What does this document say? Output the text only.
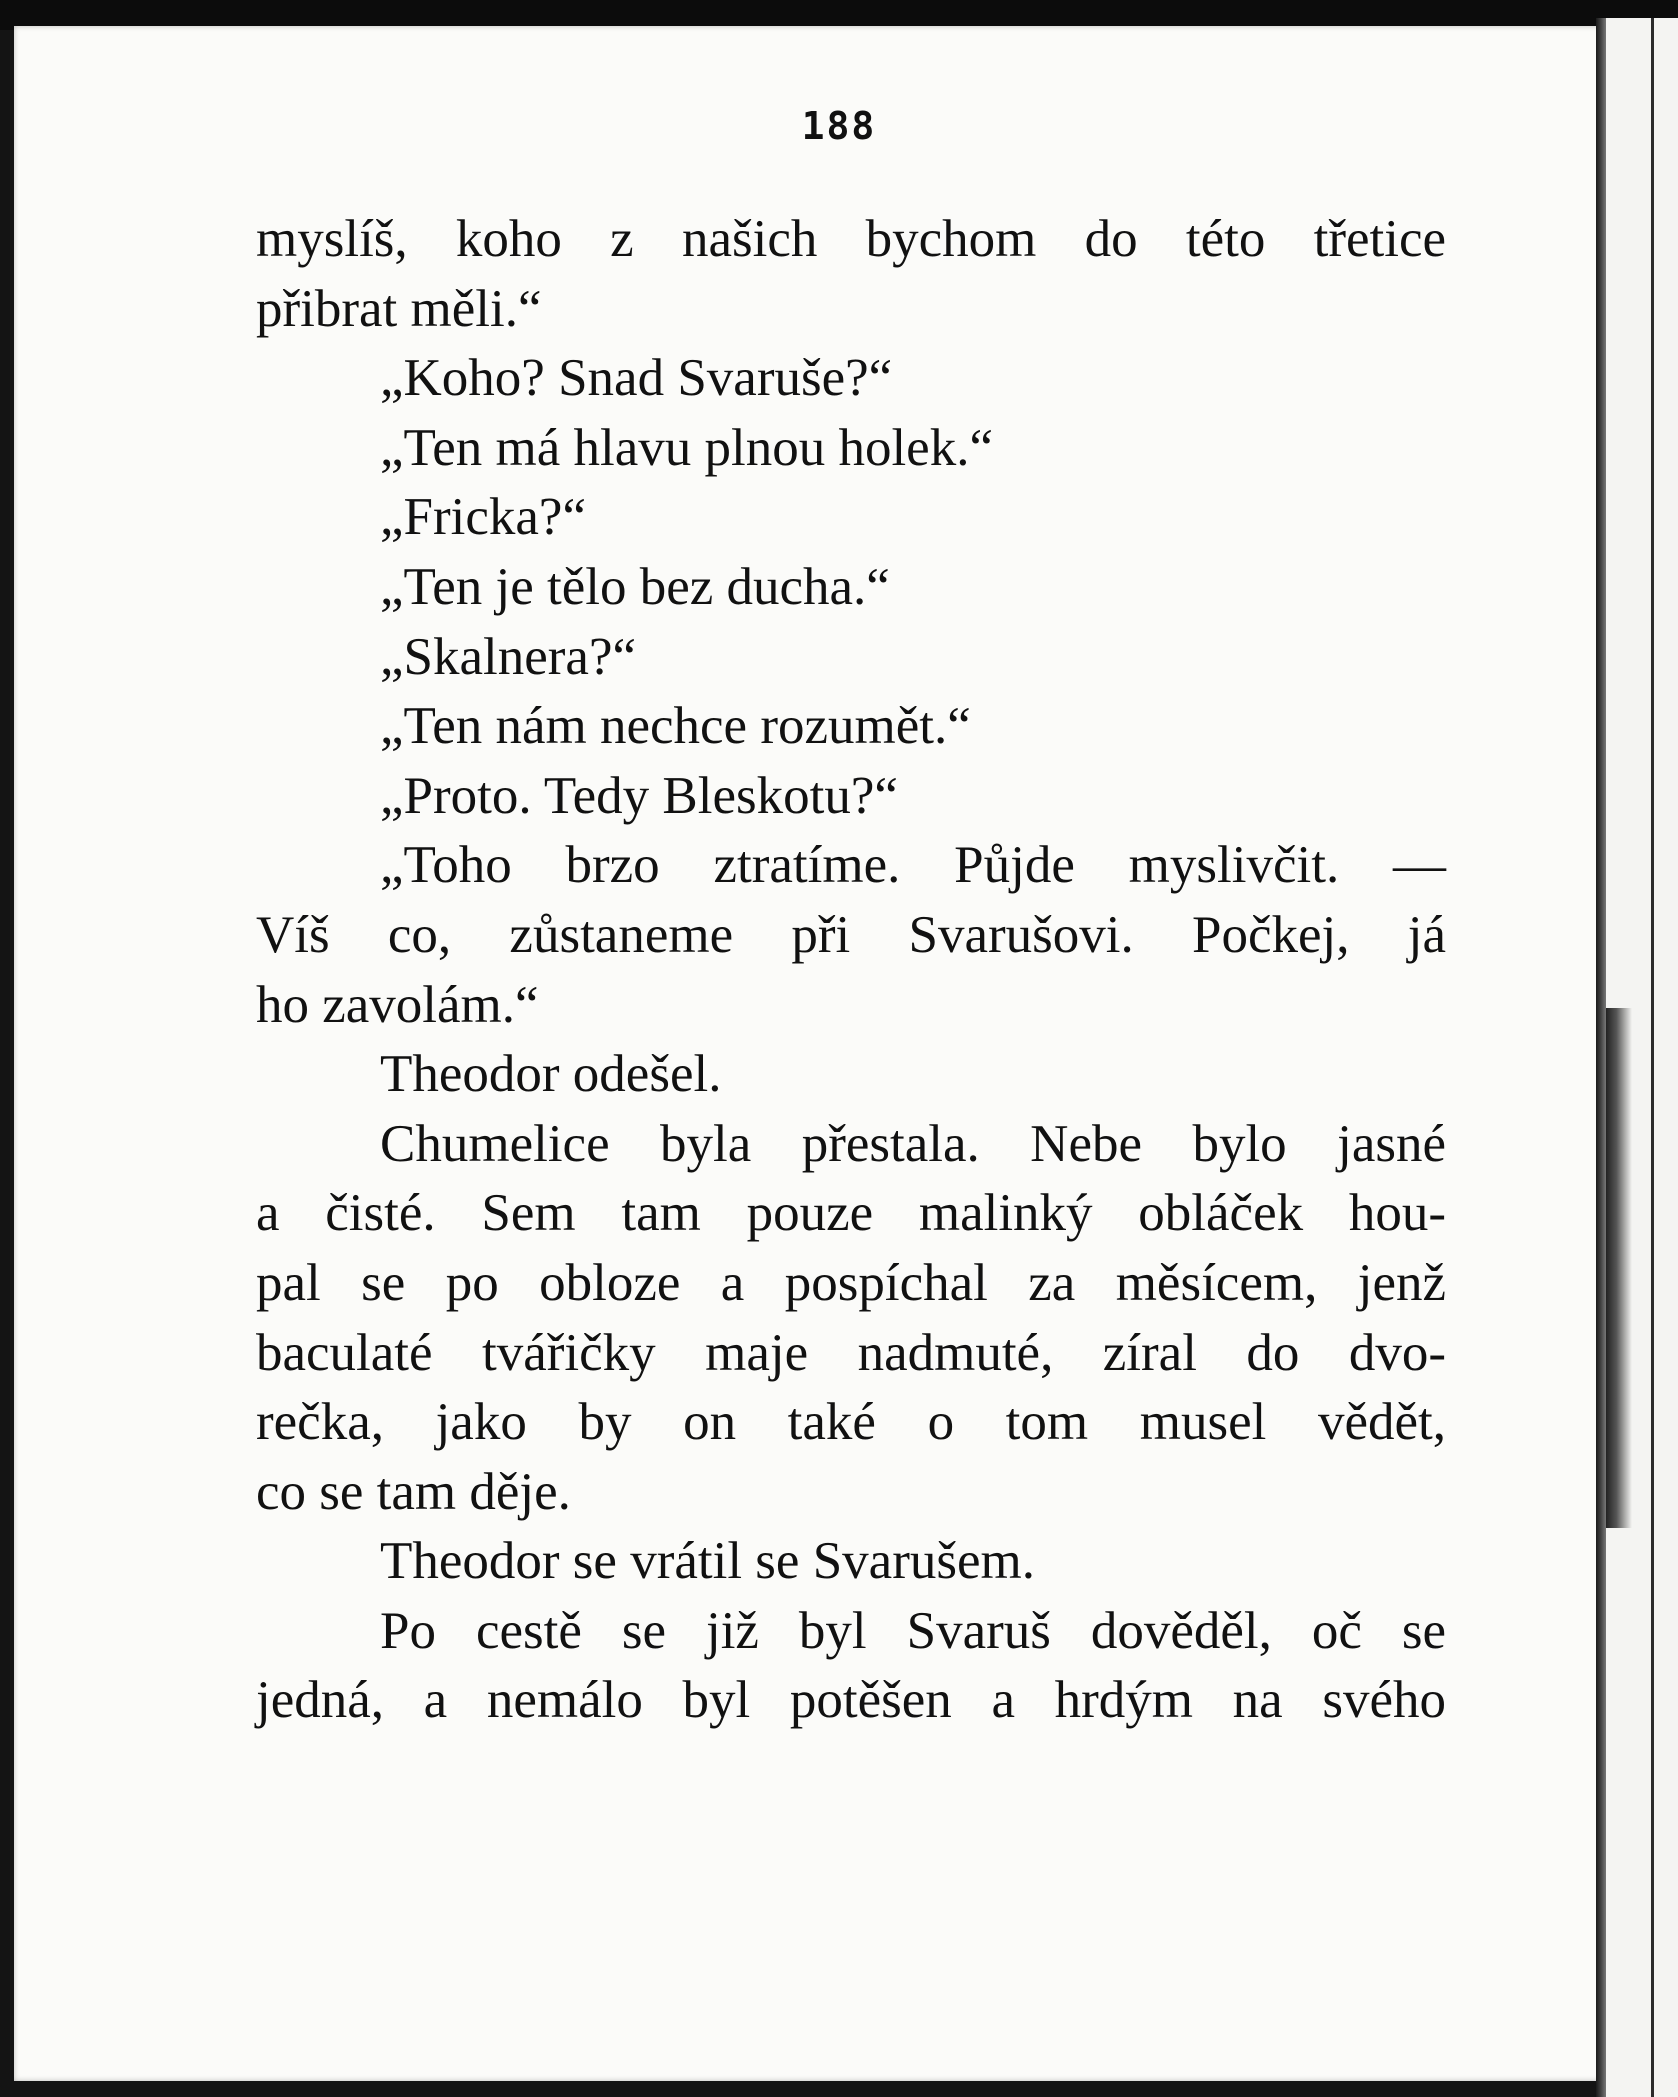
188
myslíš, koho z našich bychom do této třetice
přibrat měli.“
„Koho? Snad Svaruše?“
„Ten má hlavu plnou holek.“
„Fricka?“
„Ten je tělo bez ducha.“
„Skalnera?“
„Ten nám nechce rozumět.“
„Proto. Tedy Bleskotu?“
„Toho brzo ztratíme. Půjde myslivčit. —
Víš co, zůstaneme při Svarušovi. Počkej, já
ho zavolám.“
Theodor odešel.
Chumelice byla přestala. Nebe bylo jasné
a čisté. Sem tam pouze malinký obláček hou-
pal se po obloze a pospíchal za měsícem, jenž
baculaté tvářičky maje nadmuté, zíral do dvo-
rečka, jako by on také o tom musel vědět,
co se tam děje.
Theodor se vrátil se Svarušem.
Po cestě se již byl Svaruš dověděl, oč se
jedná, a nemálo byl potěšen a hrdým na svého
